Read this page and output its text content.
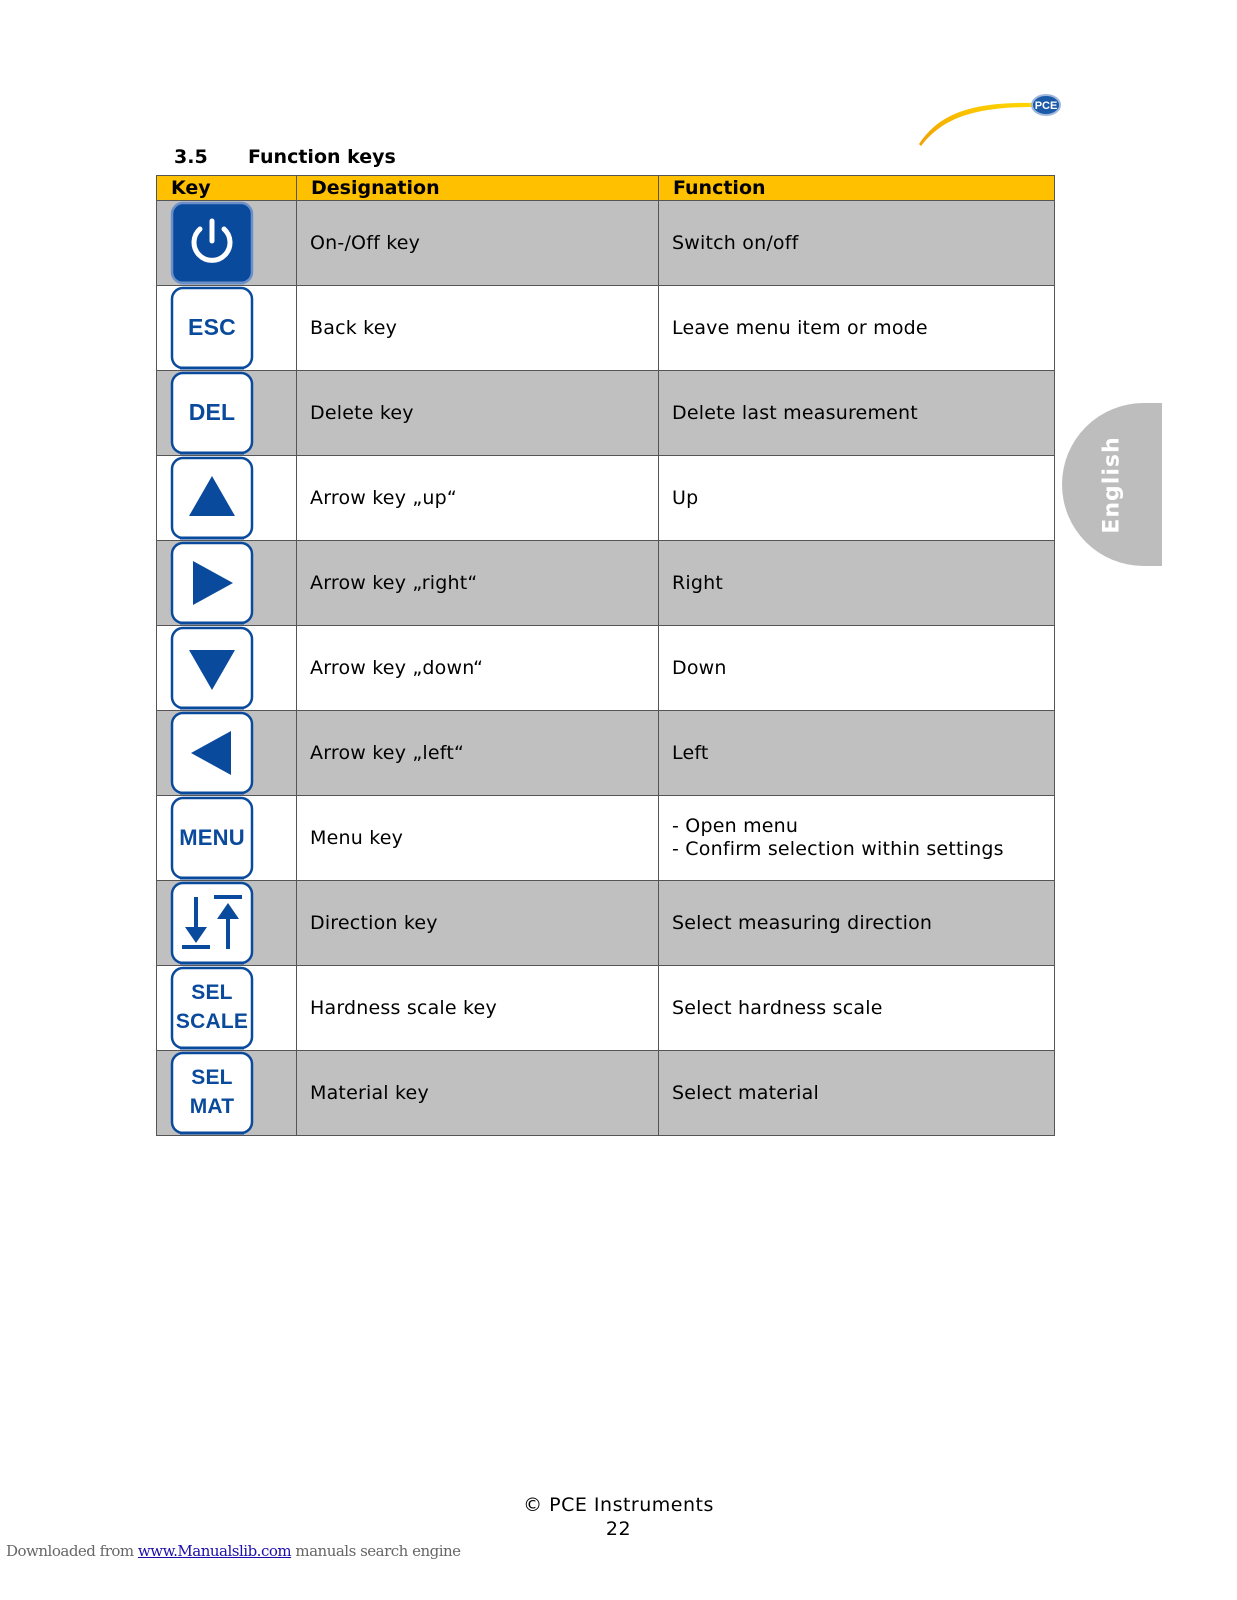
PCE
3.5 Function keys
Key	Designation	Function

	On-/Off key	Switch on/off

ESC	Back key	Leave menu item or mode

DEL	Delete key	Delete last measurement

	Arrow key „up“	Up

	Arrow key „right“	Right

	Arrow key „down“	Down

	Arrow key „left“	Left

MENU	Menu key	- Open menu
- Confirm selection within settings

	Direction key	Select measuring direction

SEL
SCALE	Hardness scale key	Select hardness scale

SEL
MAT	Material key	Select material
English
© PCE Instruments
22
Downloaded from www.Manualslib.com manuals search engine
